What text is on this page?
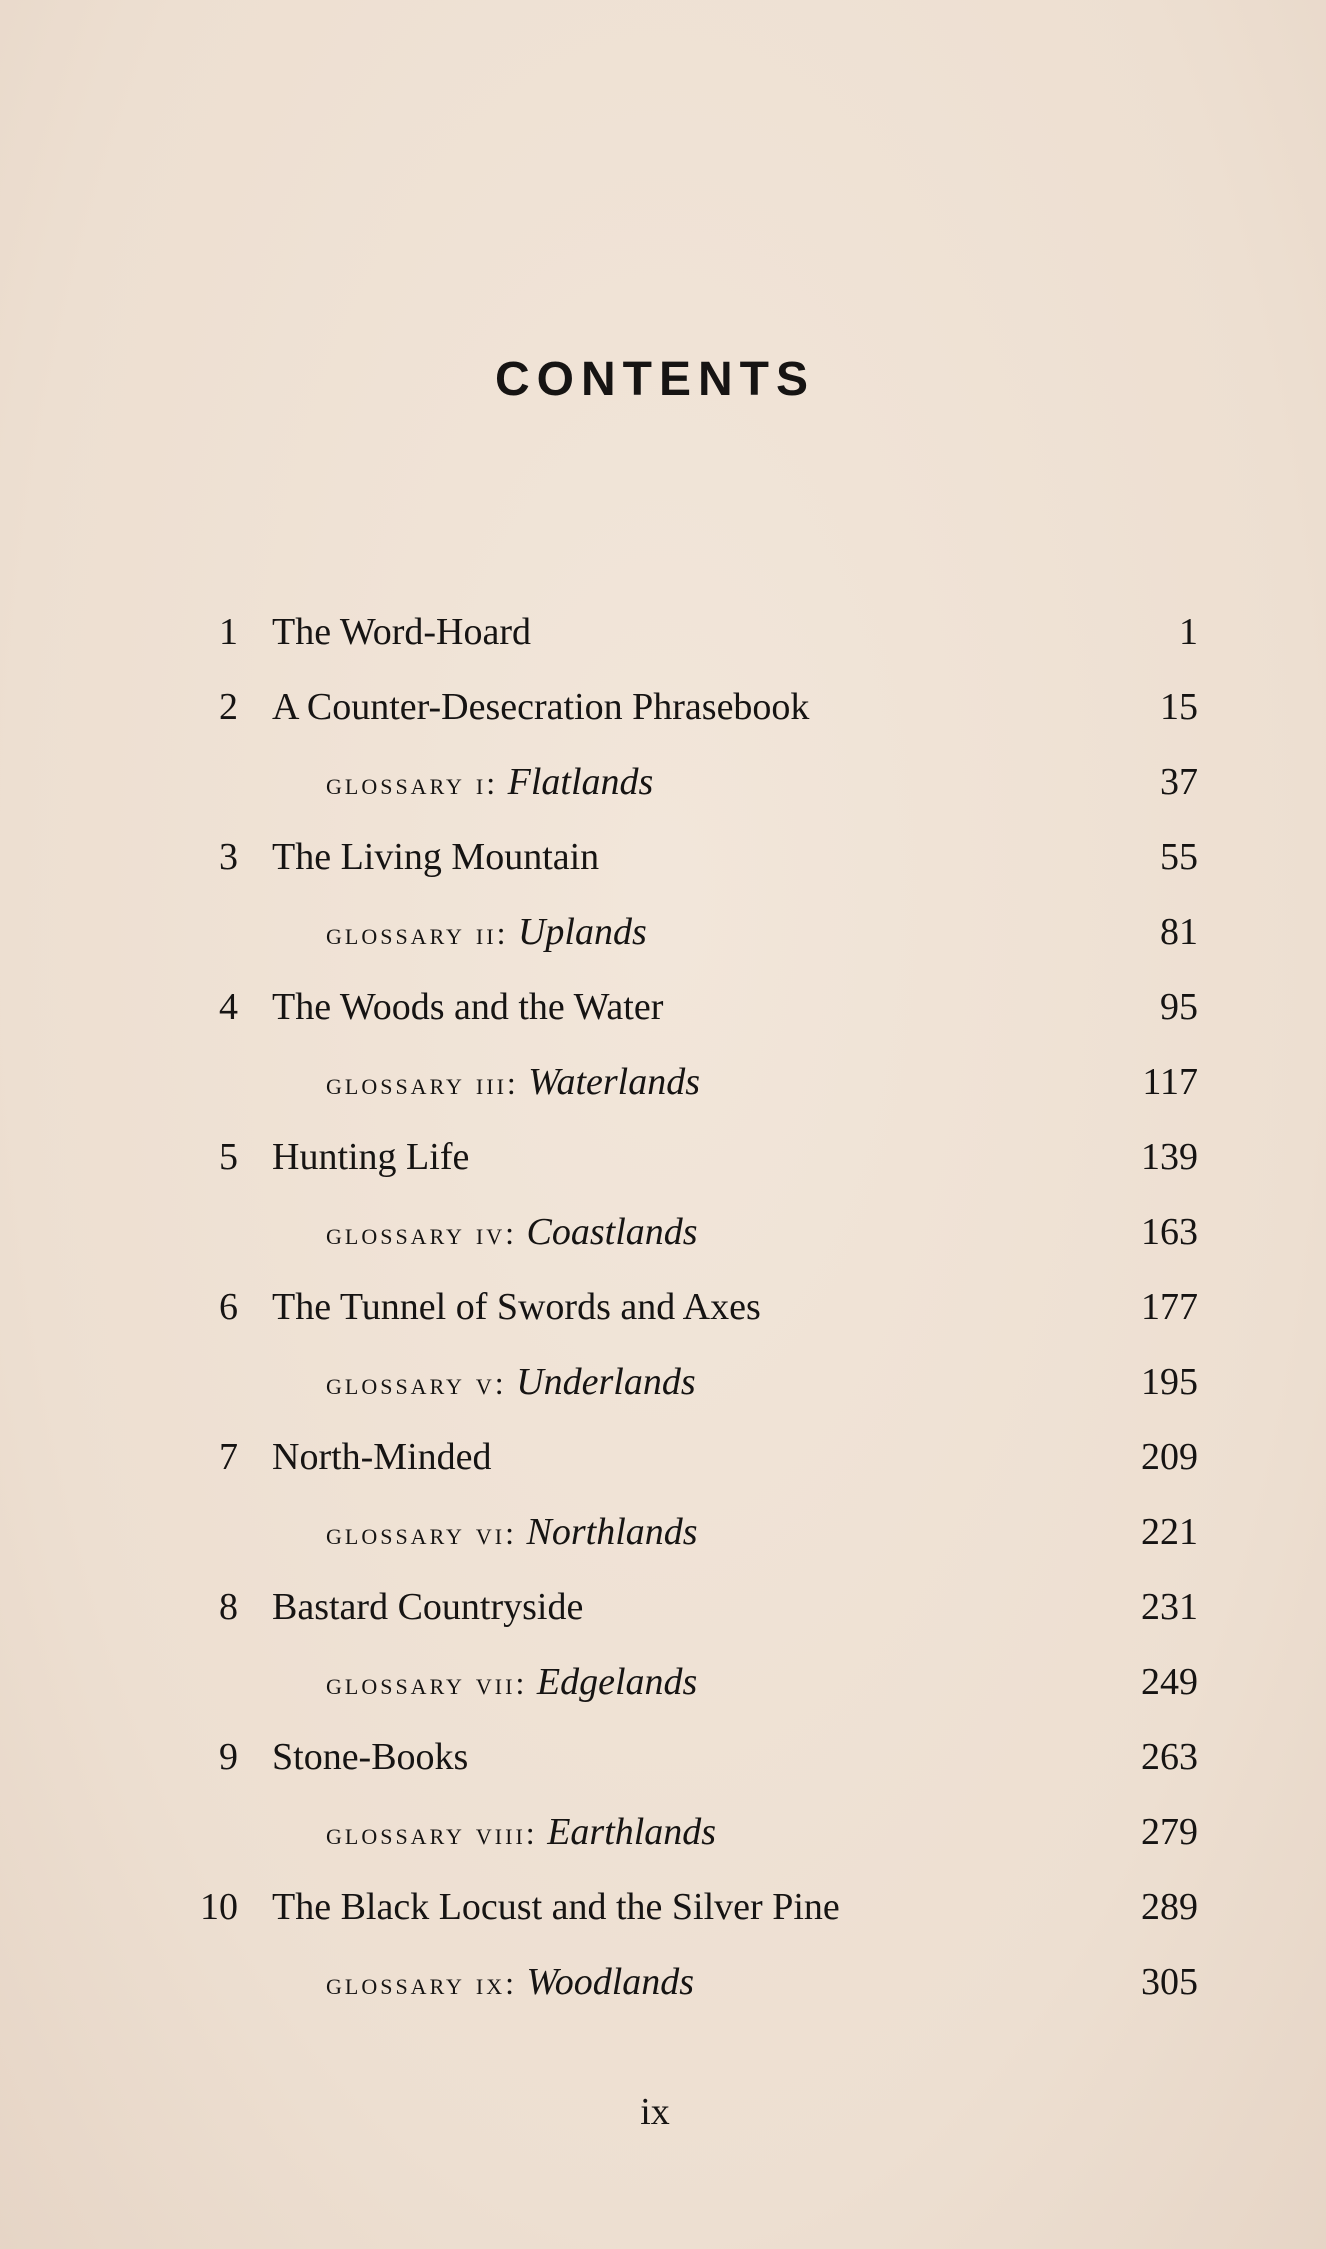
CONTENTS
1 The Word-Hoard	1
2 A Counter-Desecration Phrasebook	15
glossary i: Flatlands	37
3 The Living Mountain	55
glossary ii: Uplands	81
4 The Woods and the Water	95
glossary iii: Waterlands	117
5 Hunting Life	139
glossary iv: Coastlands	163
6 The Tunnel of Swords and Axes	177
glossary v: Underlands	195
7 North-Minded	209
glossary vi: Northlands	221
8 Bastard Countryside	231
glossary vii: Edgelands	249
9 Stone-Books	263
glossary viii: Earthlands	279
10 The Black Locust and the Silver Pine	289
glossary ix: Woodlands	305
ix
